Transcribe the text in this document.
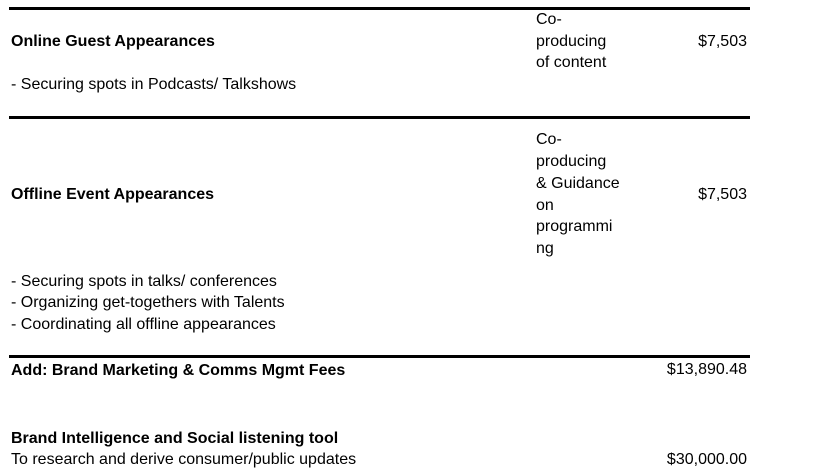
Online Guest Appearances
- Securing spots in Podcasts/ Talkshows
Co-
producing
of content
$7,503
Offline Event Appearances
Co-
producing
& Guidance
on
programmi
ng
$7,503
- Securing spots in talks/ conferences
- Organizing get-togethers with Talents
- Coordinating all offline appearances
Add: Brand Marketing & Comms Mgmt Fees	$13,890.48
Brand Intelligence and Social listening tool
To research and derive consumer/public updates	$30,000.00
